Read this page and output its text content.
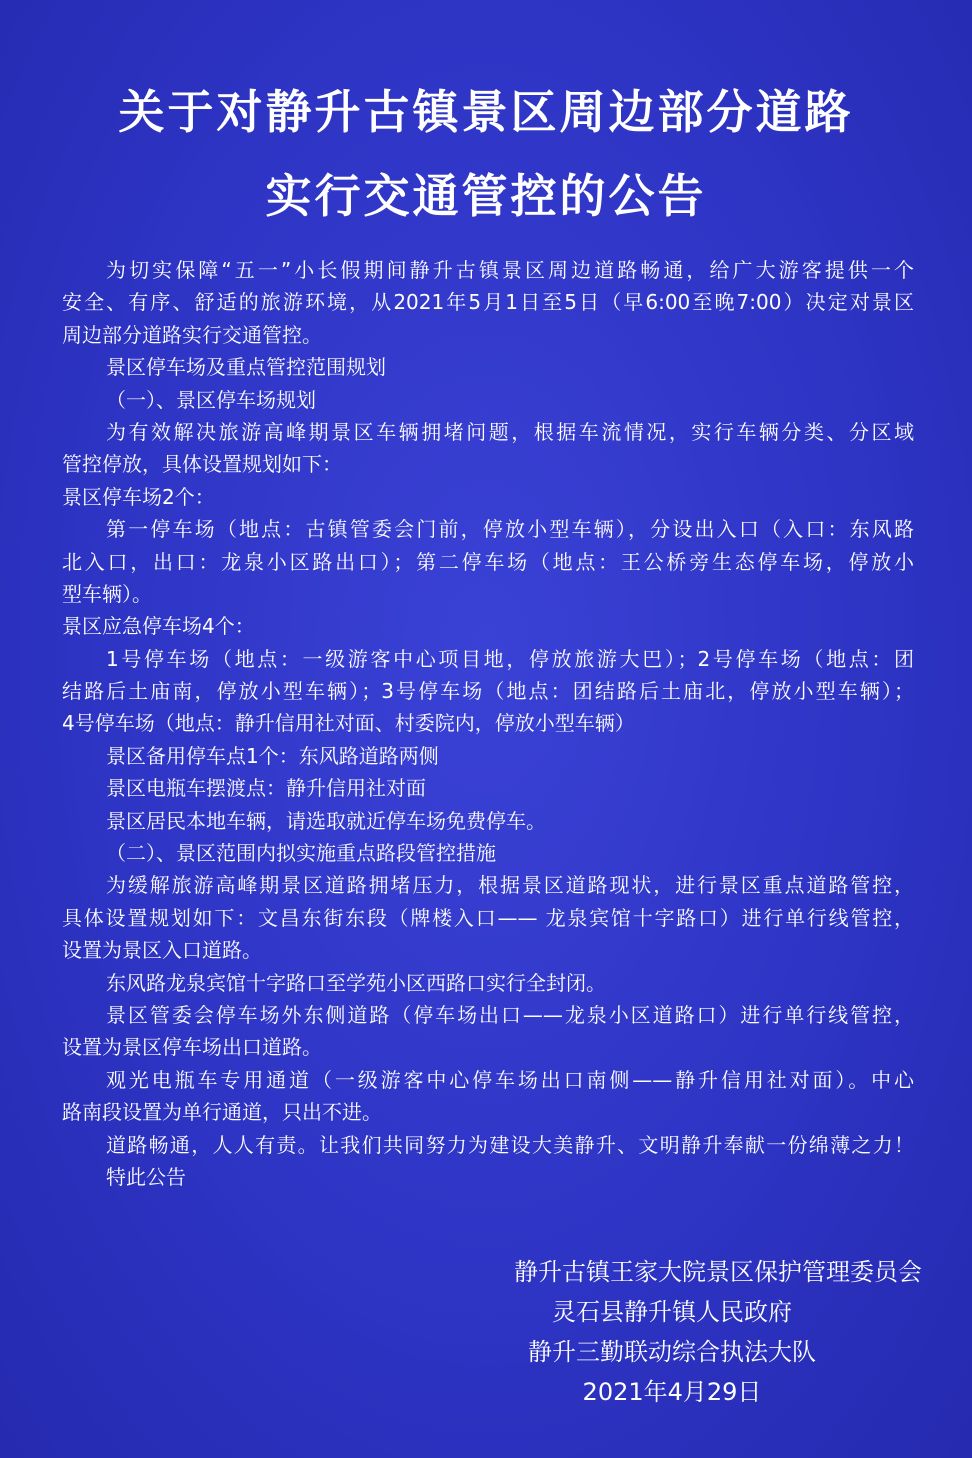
关于对静升古镇景区周边部分道路
实行交通管控的公告
为切实保障“五一”小长假期间静升古镇景区周边道路畅通，给广大游客提供一个
安全、有序、舒适的旅游环境，从2021年5月1日至5日（早6:00至晚7:00）决定对景区
周边部分道路实行交通管控。
景区停车场及重点管控范围规划
（一）、景区停车场规划
为有效解决旅游高峰期景区车辆拥堵问题，根据车流情况，实行车辆分类、分区域
管控停放，具体设置规划如下：
景区停车场2个：
第一停车场（地点：古镇管委会门前，停放小型车辆），分设出入口（入口：东风路
北入口，出口：龙泉小区路出口）；第二停车场（地点：王公桥旁生态停车场，停放小
型车辆）。
景区应急停车场4个：
1号停车场（地点：一级游客中心项目地，停放旅游大巴）；2号停车场（地点：团
结路后土庙南，停放小型车辆）；3号停车场（地点：团结路后土庙北，停放小型车辆）；
4号停车场（地点：静升信用社对面、村委院内，停放小型车辆）
景区备用停车点1个：东风路道路两侧
景区电瓶车摆渡点：静升信用社对面
景区居民本地车辆，请选取就近停车场免费停车。
（二）、景区范围内拟实施重点路段管控措施
为缓解旅游高峰期景区道路拥堵压力，根据景区道路现状，进行景区重点道路管控，
具体设置规划如下：文昌东街东段（牌楼入口—— 龙泉宾馆十字路口）进行单行线管控，
设置为景区入口道路。
东风路龙泉宾馆十字路口至学苑小区西路口实行全封闭。
景区管委会停车场外东侧道路（停车场出口——龙泉小区道路口）进行单行线管控，
设置为景区停车场出口道路。
观光电瓶车专用通道（一级游客中心停车场出口南侧——静升信用社对面）。中心
路南段设置为单行通道，只出不进。
道路畅通，人人有责。让我们共同努力为建设大美静升、文明静升奉献一份绵薄之力！
特此公告
静升古镇王家大院景区保护管理委员会
灵石县静升镇人民政府
静升三勤联动综合执法大队
2021年4月29日
